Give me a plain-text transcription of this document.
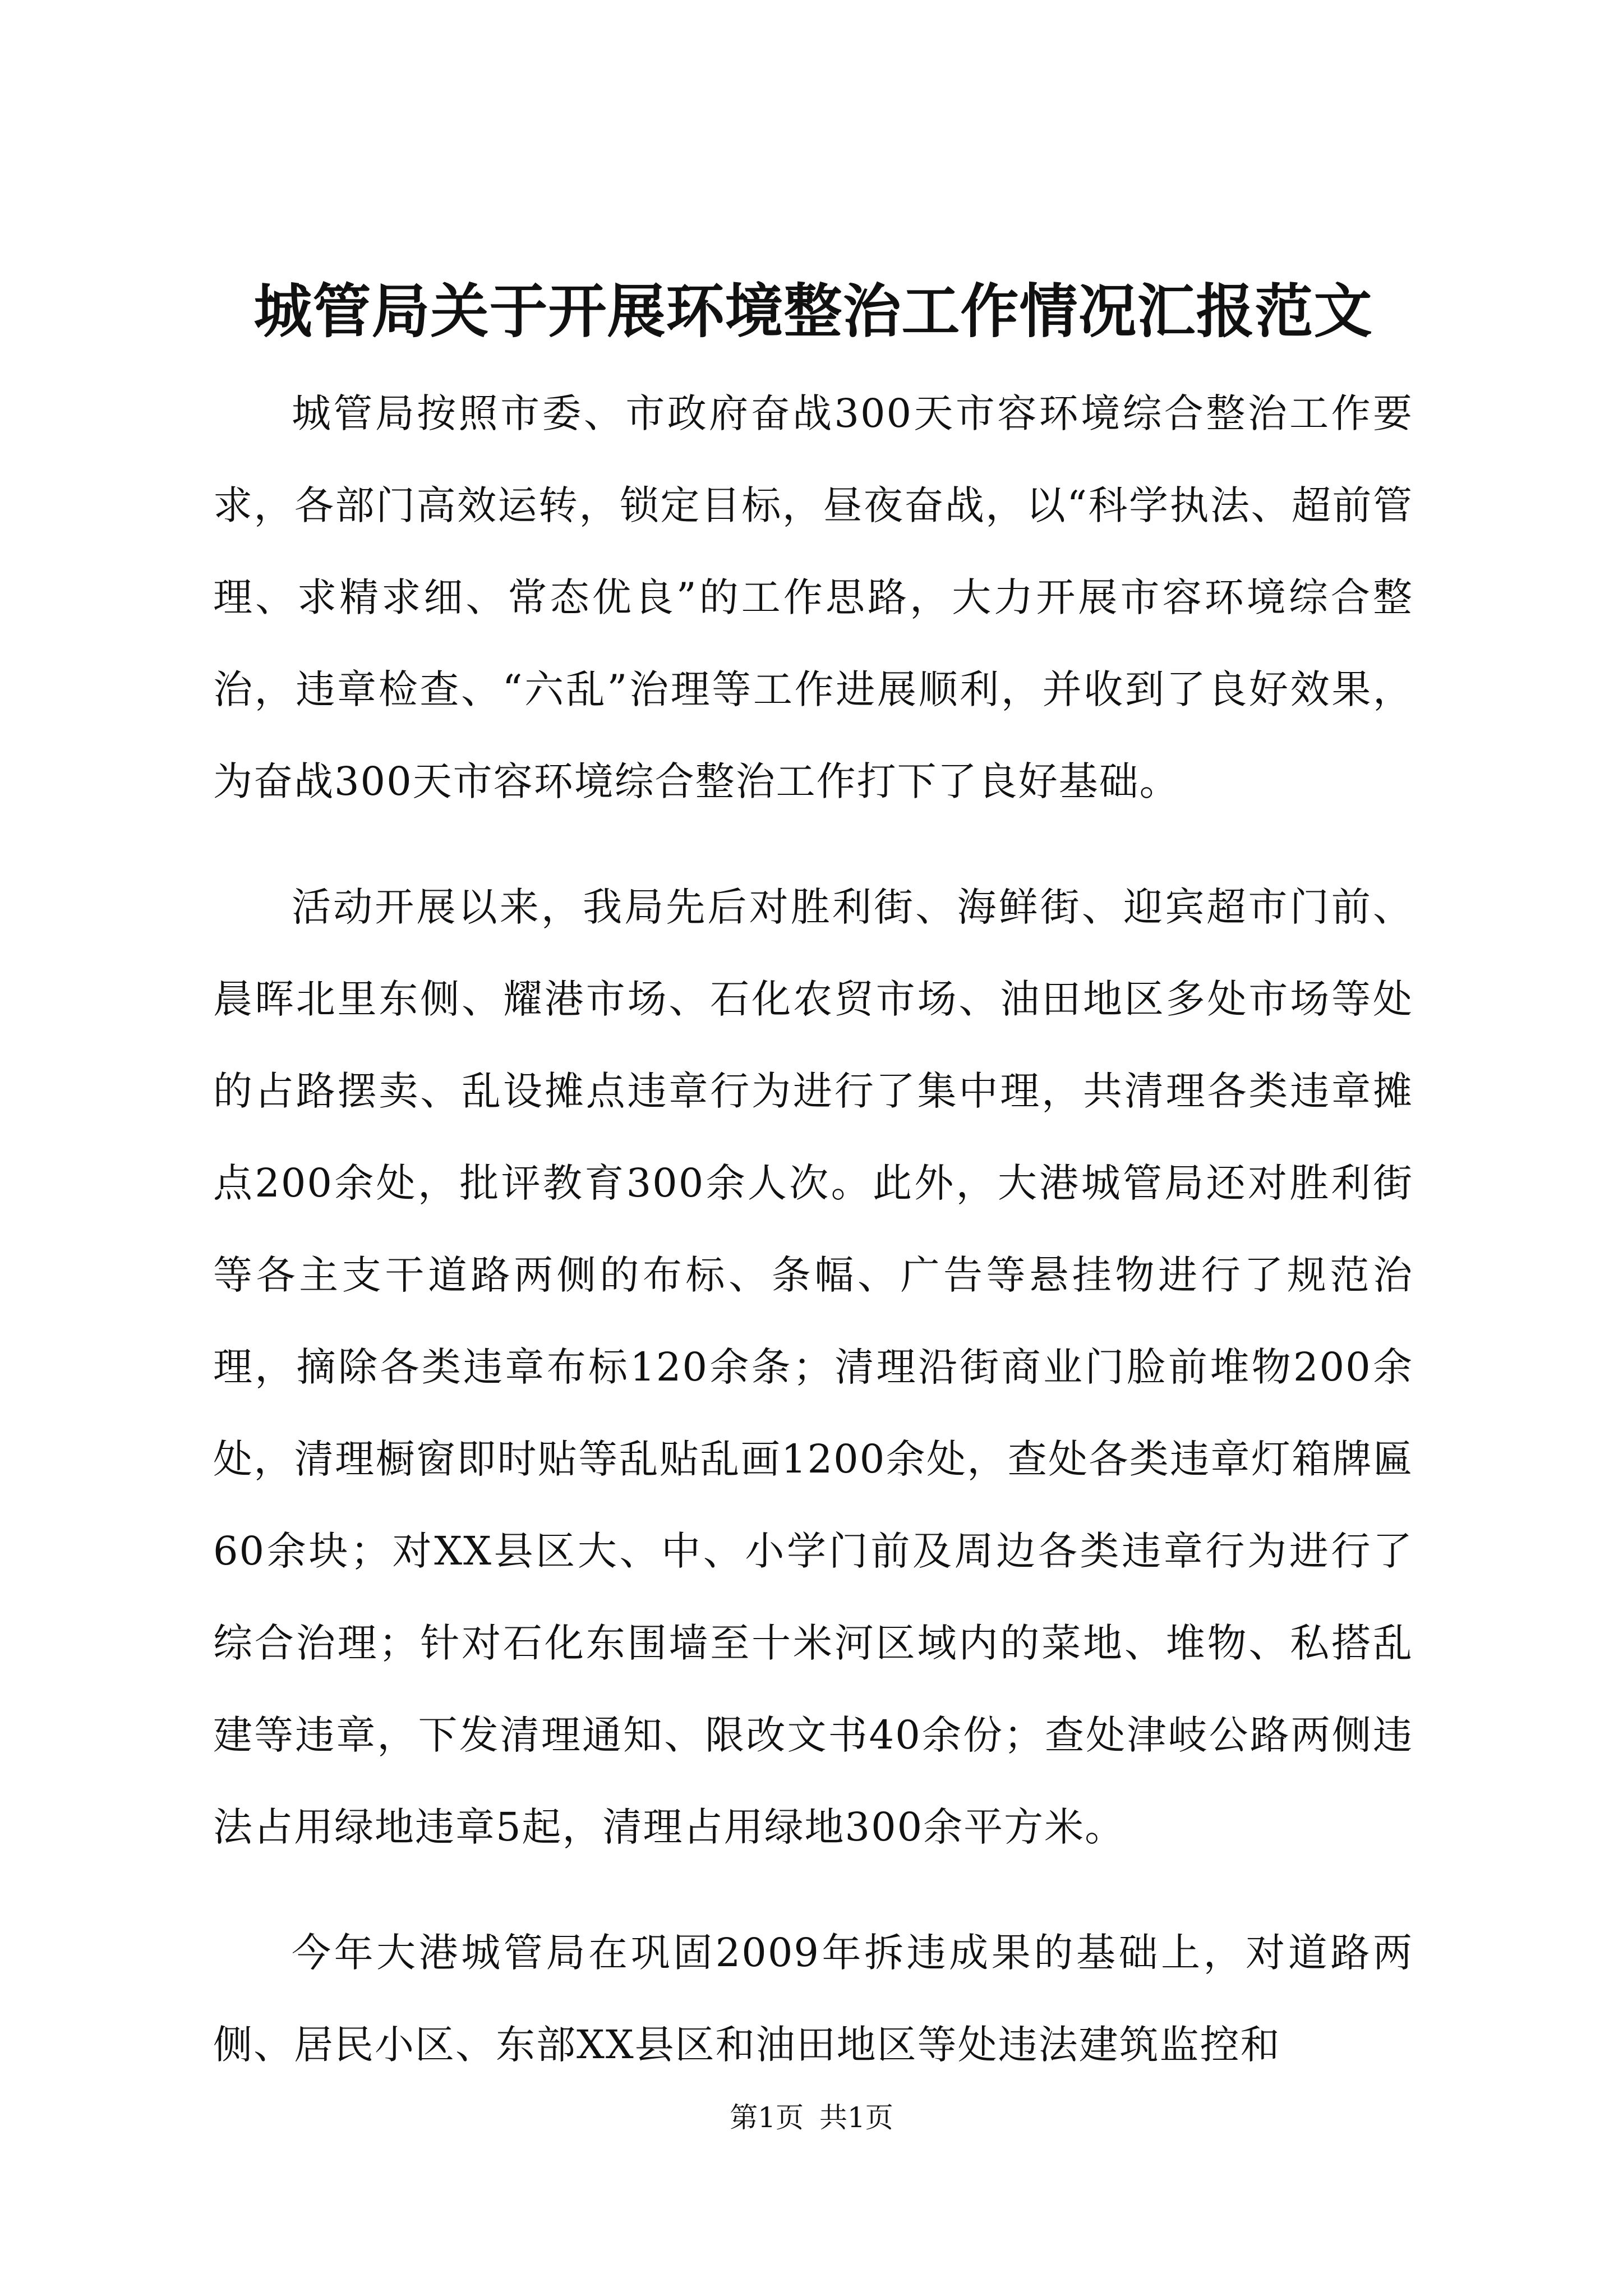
城管局关于开展环境整治工作情况汇报范文

城管局按照市委、市政府奋战300天市容环境综合整治工作要求，各部门高效运转，锁定目标，昼夜奋战，以“科学执法、超前管理、求精求细、常态优良”的工作思路，大力开展市容环境综合整治，违章检查、“六乱”治理等工作进展顺利，并收到了良好效果，为奋战300天市容环境综合整治工作打下了良好基础。

活动开展以来，我局先后对胜利街、海鲜街、迎宾超市门前、晨晖北里东侧、耀港市场、石化农贸市场、油田地区多处市场等处的占路摆卖、乱设摊点违章行为进行了集中理，共清理各类违章摊点200余处，批评教育300余人次。此外，大港城管局还对胜利街等各主支干道路两侧的布标、条幅、广告等悬挂物进行了规范治理，摘除各类违章布标120余条；清理沿街商业门脸前堆物200余处，清理橱窗即时贴等乱贴乱画1200余处，查处各类违章灯箱牌匾60余块；对XX县区大、中、小学门前及周边各类违章行为进行了综合治理；针对石化东围墙至十米河区域内的菜地、堆物、私搭乱建等违章，下发清理通知、限改文书40余份；查处津岐公路两侧违法占用绿地违章5起，清理占用绿地300余平方米。

今年大港城管局在巩固2009年拆违成果的基础上，对道路两侧、居民小区、东部XX县区和油田地区等处违法建筑监控和

第1页 共1页
